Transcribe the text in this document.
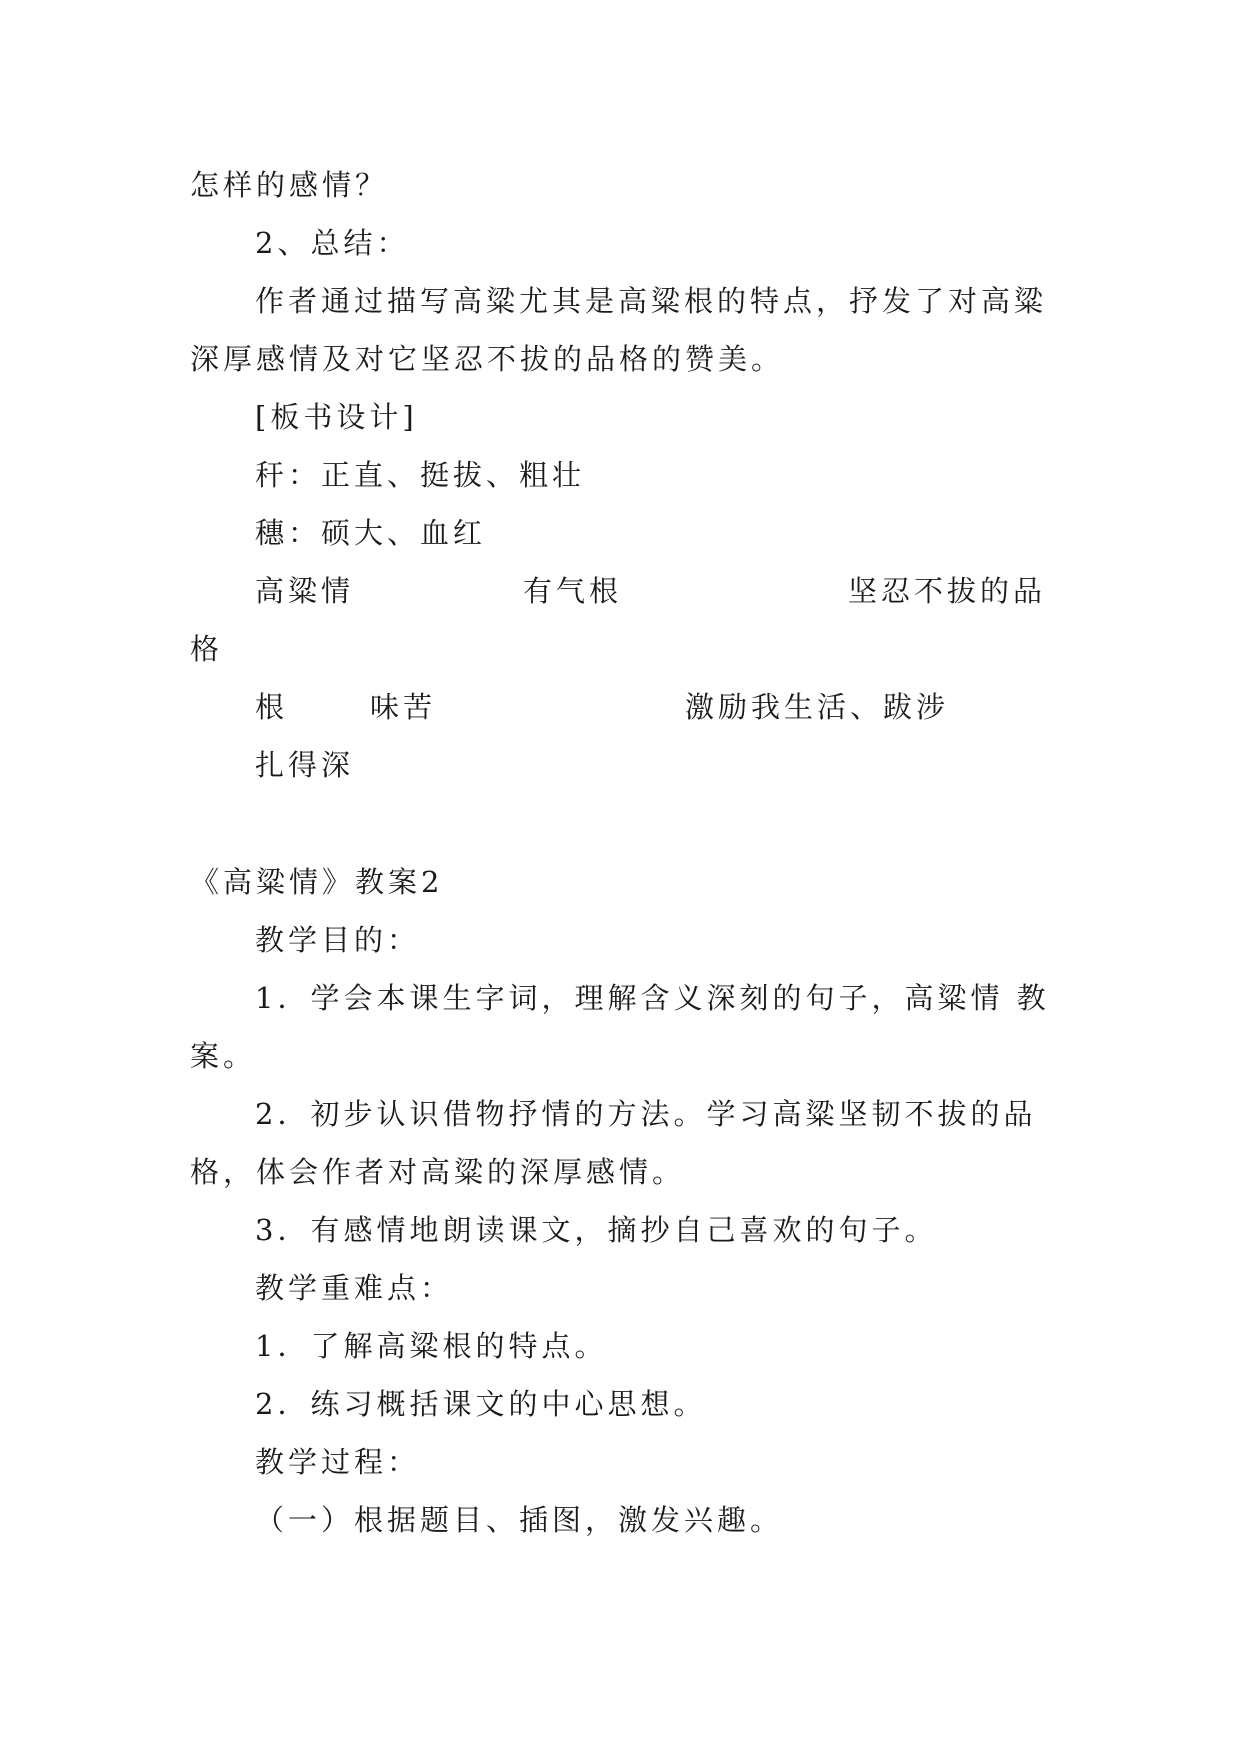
怎样的感情？
2、总结：
作者通过描写高粱尤其是高粱根的特点，抒发了对高粱
深厚感情及对它坚忍不拔的品格的赞美。
[板书设计]
秆：正直、挺拔、粗壮
穗：硕大、血红
高粱情	有气根	坚忍不拔的品
格
根	味苦	激励我生活、跋涉
扎得深
《高粱情》教案2
教学目的：
1．学会本课生字词，理解含义深刻的句子，高粱情 教
案。
2．初步认识借物抒情的方法。学习高粱坚韧不拔的品
格，体会作者对高粱的深厚感情。
3．有感情地朗读课文，摘抄自己喜欢的句子。
教学重难点：
1．了解高粱根的特点。
2．练习概括课文的中心思想。
教学过程：
（一）根据题目、插图，激发兴趣。
